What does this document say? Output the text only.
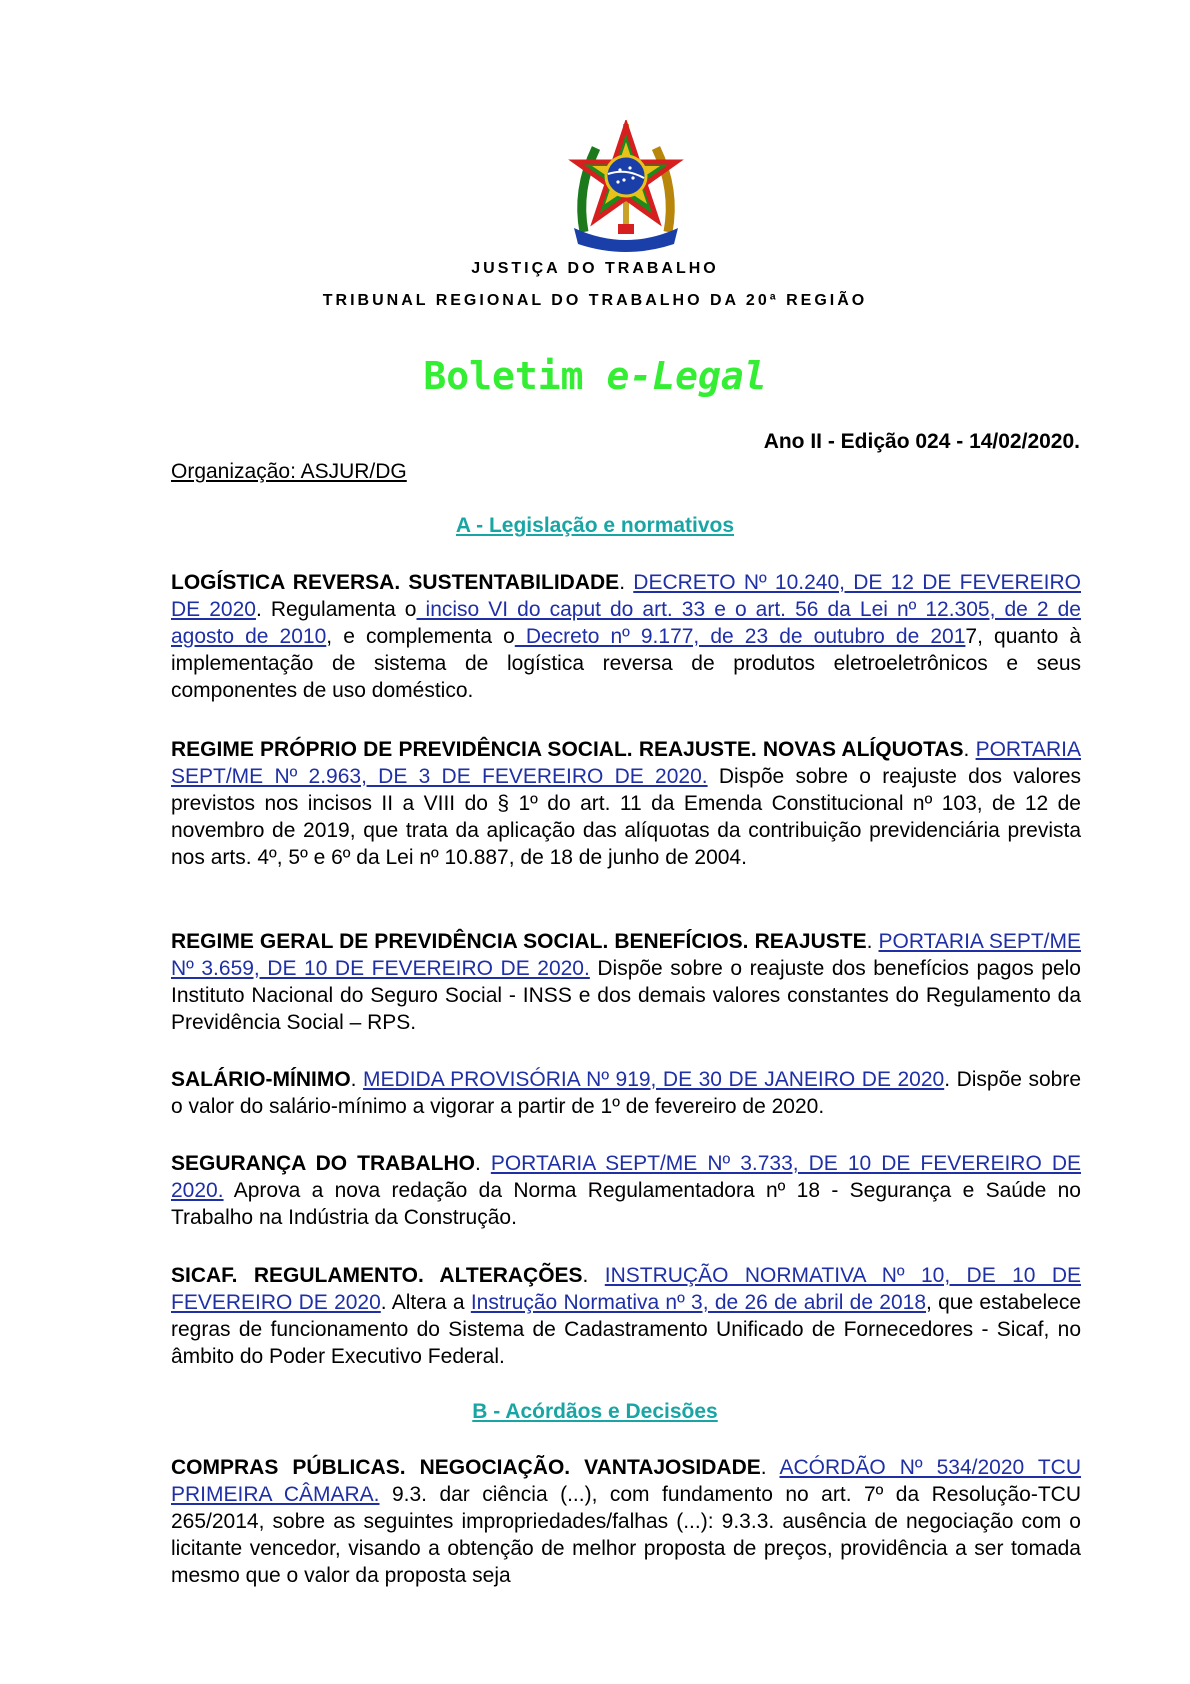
JUSTIÇA DO TRABALHO
TRIBUNAL REGIONAL DO TRABALHO DA 20ª REGIÃO
Boletim e-Legal
Ano II - Edição 024 - 14/02/2020.
Organização: ASJUR/DG
A - Legislação e normativos
LOGÍSTICA REVERSA. SUSTENTABILIDADE. DECRETO Nº 10.240, DE 12 DE FEVEREIRO DE 2020. Regulamenta o inciso VI do caput do art. 33 e o art. 56 da Lei nº 12.305, de 2 de agosto de 2010, e complementa o Decreto nº 9.177, de 23 de outubro de 2017, quanto à implementação de sistema de logística reversa de produtos eletroeletrônicos e seus componentes de uso doméstico.
REGIME PRÓPRIO DE PREVIDÊNCIA SOCIAL. REAJUSTE. NOVAS ALÍQUOTAS. PORTARIA SEPT/ME Nº 2.963, DE 3 DE FEVEREIRO DE 2020. Dispõe sobre o reajuste dos valores previstos nos incisos II a VIII do § 1º do art. 11 da Emenda Constitucional nº 103, de 12 de novembro de 2019, que trata da aplicação das alíquotas da contribuição previdenciária prevista nos arts. 4º, 5º e 6º da Lei nº 10.887, de 18 de junho de 2004.
REGIME GERAL DE PREVIDÊNCIA SOCIAL. BENEFÍCIOS. REAJUSTE. PORTARIA SEPT/ME Nº 3.659, DE 10 DE FEVEREIRO DE 2020. Dispõe sobre o reajuste dos benefícios pagos pelo Instituto Nacional do Seguro Social - INSS e dos demais valores constantes do Regulamento da Previdência Social – RPS.
SALÁRIO-MÍNIMO. MEDIDA PROVISÓRIA Nº 919, DE 30 DE JANEIRO DE 2020. Dispõe sobre o valor do salário-mínimo a vigorar a partir de 1º de fevereiro de 2020.
SEGURANÇA DO TRABALHO. PORTARIA SEPT/ME Nº 3.733, DE 10 DE FEVEREIRO DE 2020. Aprova a nova redação da Norma Regulamentadora nº 18 - Segurança e Saúde no Trabalho na Indústria da Construção.
SICAF. REGULAMENTO. ALTERAÇÕES. INSTRUÇÃO NORMATIVA Nº 10, DE 10 DE FEVEREIRO DE 2020. Altera a Instrução Normativa nº 3, de 26 de abril de 2018, que estabelece regras de funcionamento do Sistema de Cadastramento Unificado de Fornecedores - Sicaf, no âmbito do Poder Executivo Federal.
B - Acórdãos e Decisões
COMPRAS PÚBLICAS. NEGOCIAÇÃO. VANTAJOSIDADE. ACÓRDÃO Nº 534/2020 TCU PRIMEIRA CÂMARA. 9.3. dar ciência (...), com fundamento no art. 7º da Resolução-TCU 265/2014, sobre as seguintes impropriedades/falhas (...): 9.3.3. ausência de negociação com o licitante vencedor, visando a obtenção de melhor proposta de preços, providência a ser tomada mesmo que o valor da proposta seja
